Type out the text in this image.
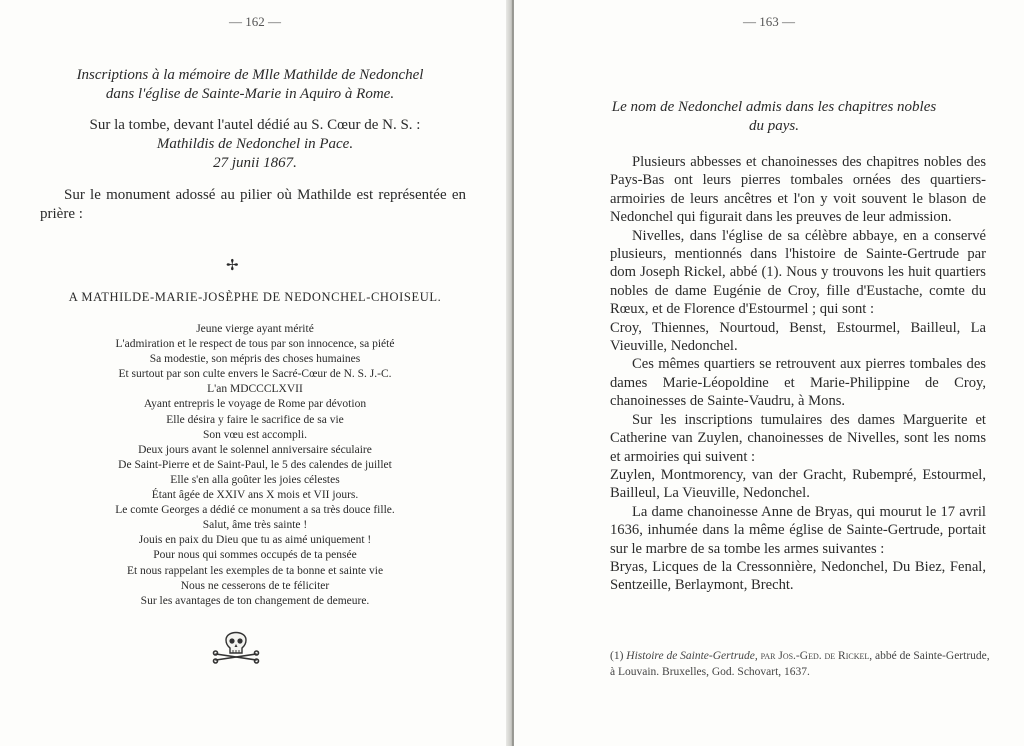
— 162 —
Inscriptions à la mémoire de Mlle Mathilde de Nedonchel
dans l'église de Sainte-Marie in Aquiro à Rome.
Sur la tombe, devant l'autel dédié au S. Cœur de N. S. :
Mathildis de Nedonchel in Pace.
27 junii 1867.
Sur le monument adossé au pilier où Mathilde est représentée en prière :
✢
A MATHILDE-MARIE-JOSÈPHE DE NEDONCHEL-CHOISEUL.
Jeune vierge ayant mérité
L'admiration et le respect de tous par son innocence, sa piété
Sa modestie, son mépris des choses humaines
Et surtout par son culte envers le Sacré-Cœur de N. S. J.-C.
L'an MDCCCLXVII
Ayant entrepris le voyage de Rome par dévotion
Elle désira y faire le sacrifice de sa vie
Son vœu est accompli.
Deux jours avant le solennel anniversaire séculaire
De Saint-Pierre et de Saint-Paul, le 5 des calendes de juillet
Elle s'en alla goûter les joies célestes
Étant âgée de XXIV ans X mois et VII jours.
Le comte Georges a dédié ce monument a sa très douce fille.
Salut, âme très sainte !
Jouis en paix du Dieu que tu as aimé uniquement !
Pour nous qui sommes occupés de ta pensée
Et nous rappelant les exemples de ta bonne et sainte vie
Nous ne cesserons de te féliciter
Sur les avantages de ton changement de demeure.
— 163 —
Le nom de Nedonchel admis dans les chapitres nobles
du pays.

Plusieurs abbesses et chanoinesses des chapitres nobles des Pays-Bas ont leurs pierres tombales ornées des quartiers-armoiries de leurs ancêtres et l'on y voit souvent le blason de Nedonchel qui figurait dans les preuves de leur admission.

Nivelles, dans l'église de sa célèbre abbaye, en a conservé plusieurs, mentionnés dans l'histoire de Sainte-Gertrude par dom Joseph Rickel, abbé (1). Nous y trouvons les huit quartiers nobles de dame Eugénie de Croy, fille d'Eustache, comte du Rœux, et de Florence d'Estourmel ; qui sont :

Croy, Thiennes, Nourtoud, Benst, Estourmel, Bailleul, La Vieuville, Nedonchel.

Ces mêmes quartiers se retrouvent aux pierres tombales des dames Marie-Léopoldine et Marie-Philippine de Croy, chanoinesses de Sainte-Vaudru, à Mons.

Sur les inscriptions tumulaires des dames Marguerite et Catherine van Zuylen, chanoinesses de Nivelles, sont les noms et armoiries qui suivent :

Zuylen, Montmorency, van der Gracht, Rubempré, Estourmel, Bailleul, La Vieuville, Nedonchel.

La dame chanoinesse Anne de Bryas, qui mourut le 17 avril 1636, inhumée dans la même église de Sainte-Gertrude, portait sur le marbre de sa tombe les armes suivantes :

Bryas, Licques de la Cressonnière, Nedonchel, Du Biez, Fenal, Sentzeille, Berlaymont, Brecht.

(1) Histoire de Sainte-Gertrude, par Jos.-Ged. de Rickel, abbé de Sainte-Gertrude, à Louvain. Bruxelles, God. Schovart, 1637.
